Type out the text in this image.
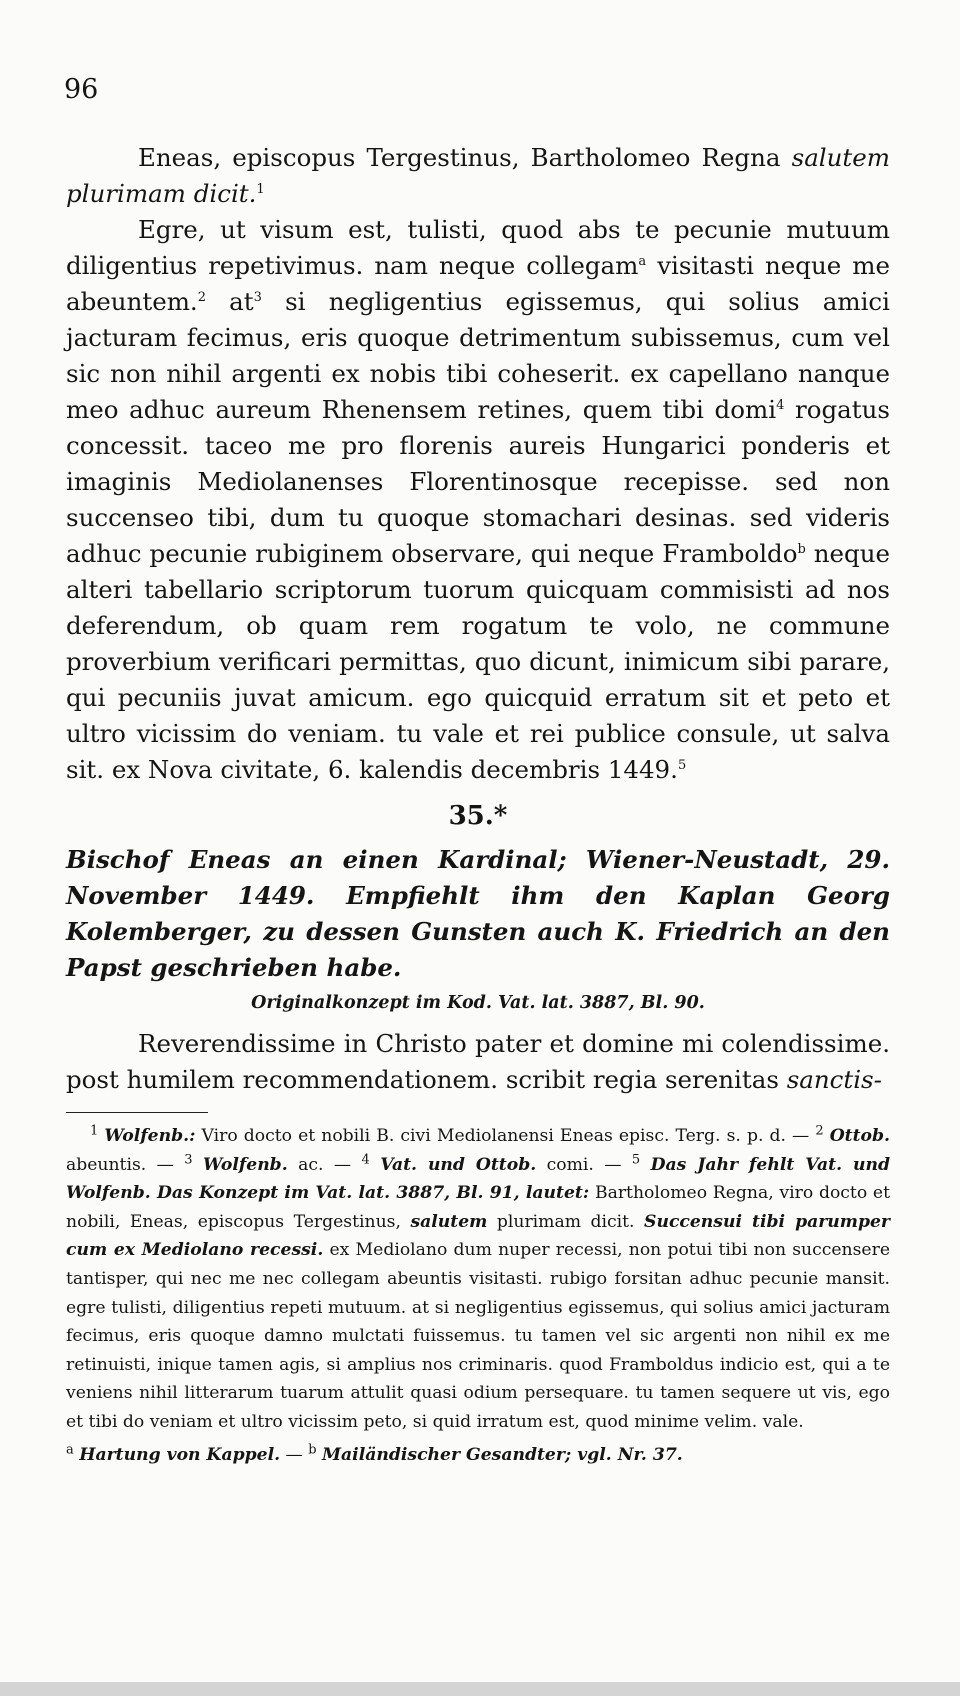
96

Eneas, episcopus Tergestinus, Bartholomeo Regna salutem plurimam dicit.$^1$

Egre, ut visum est, tulisti, quod abs te pecunie mutuum diligentius repetivimus. nam neque collegam$^a$ visitasti neque me abeuntem.$^2$ $at^3$ si negligentius egissemus, qui solius amici jacturam fecimus, eris quoque detrimentum subissemus, cum vel sic non nihil argenti ex nobis tibi coheserit. ex capellano nanque meo adhuc aureum Rhenensem retines, quem tibi domi$^4$ rogatus concessit. taceo me pro florenis aureis Hungarici ponderis et imaginis Mediolanenses Florentinosque recepisse. sed non succenseo tibi, dum tu quoque stomachari desinas. sed videris adhuc pecunie rubiginem observare, qui neque Framboldo$^b$ neque alteri tabellario scriptorum tuorum quicquam commisisti ad nos deferendum, ob quam rem rogatum te volo, ne commune proverbium verificari permittas, quo dicunt, inimicum sibi parare, qui pecuniis juvat amicum. ego quicquid erratum sit et peto et ultro vicissim do veniam. tu vale et rei publice consule, ut salva sit. ex Nova civitate, 6. kalendis decembris 1449.$^5$

35.*

Bischof Eneas an einen Kardinal; Wiener-Neustadt, 29. November 1449. Empfiehlt ihm den Kaplan Georg Kolemberger, zu dessen Gunsten auch K. Friedrich an den Papst geschrieben habe.

Originalkonzept im Kod. Vat. lat. 3887, Bl. 90.

Reverendissime in Christo pater et domine mi colendissime. post humilem recommendationem. scribit regia serenitas sanctis-

$^1$ Wolfenb.: Viro docto et nobili B. civi Mediolanensi Eneas episc. Terg. s. p. d. — $^2$ Ottob. abeuntis. — $^3$ Wolfenb. ac. — $^4$ Vat. und Ottob. comi. — $^5$ Das Jahr fehlt Vat. und Wolfenb. Das Konzept im Vat. lat. 3887, Bl. 91, lautet: Bartholomeo Regna, viro docto et nobili, Eneas, episcopus Tergestinus, salutem plurimam dicit. Succensui tibi parumper cum ex Mediolano recessi. ex Mediolano dum nuper recessi, non potui tibi non succensere tantisper, qui nec me nec collegam abeuntis visitasti. rubigo forsitan adhuc pecunie mansit. egre tulisti, diligentius repeti mutuum. at si negligentius egissemus, qui solius amici jacturam fecimus, eris quoque damno mulctati fuissemus. tu tamen vel sic argenti non nihil ex me retinuisti, inique tamen agis, si amplius nos criminaris. quod Framboldus indicio est, qui a te veniens nihil litterarum tuarum attulit quasi odium persequare. tu tamen sequere ut vis, ego et tibi do veniam et ultro vicissim peto, si quid irratum est, quod minime velim. vale.

$^a$ Hartung von Kappel. — $^b$ Mailändischer Gesandter; vgl. Nr. 37.
